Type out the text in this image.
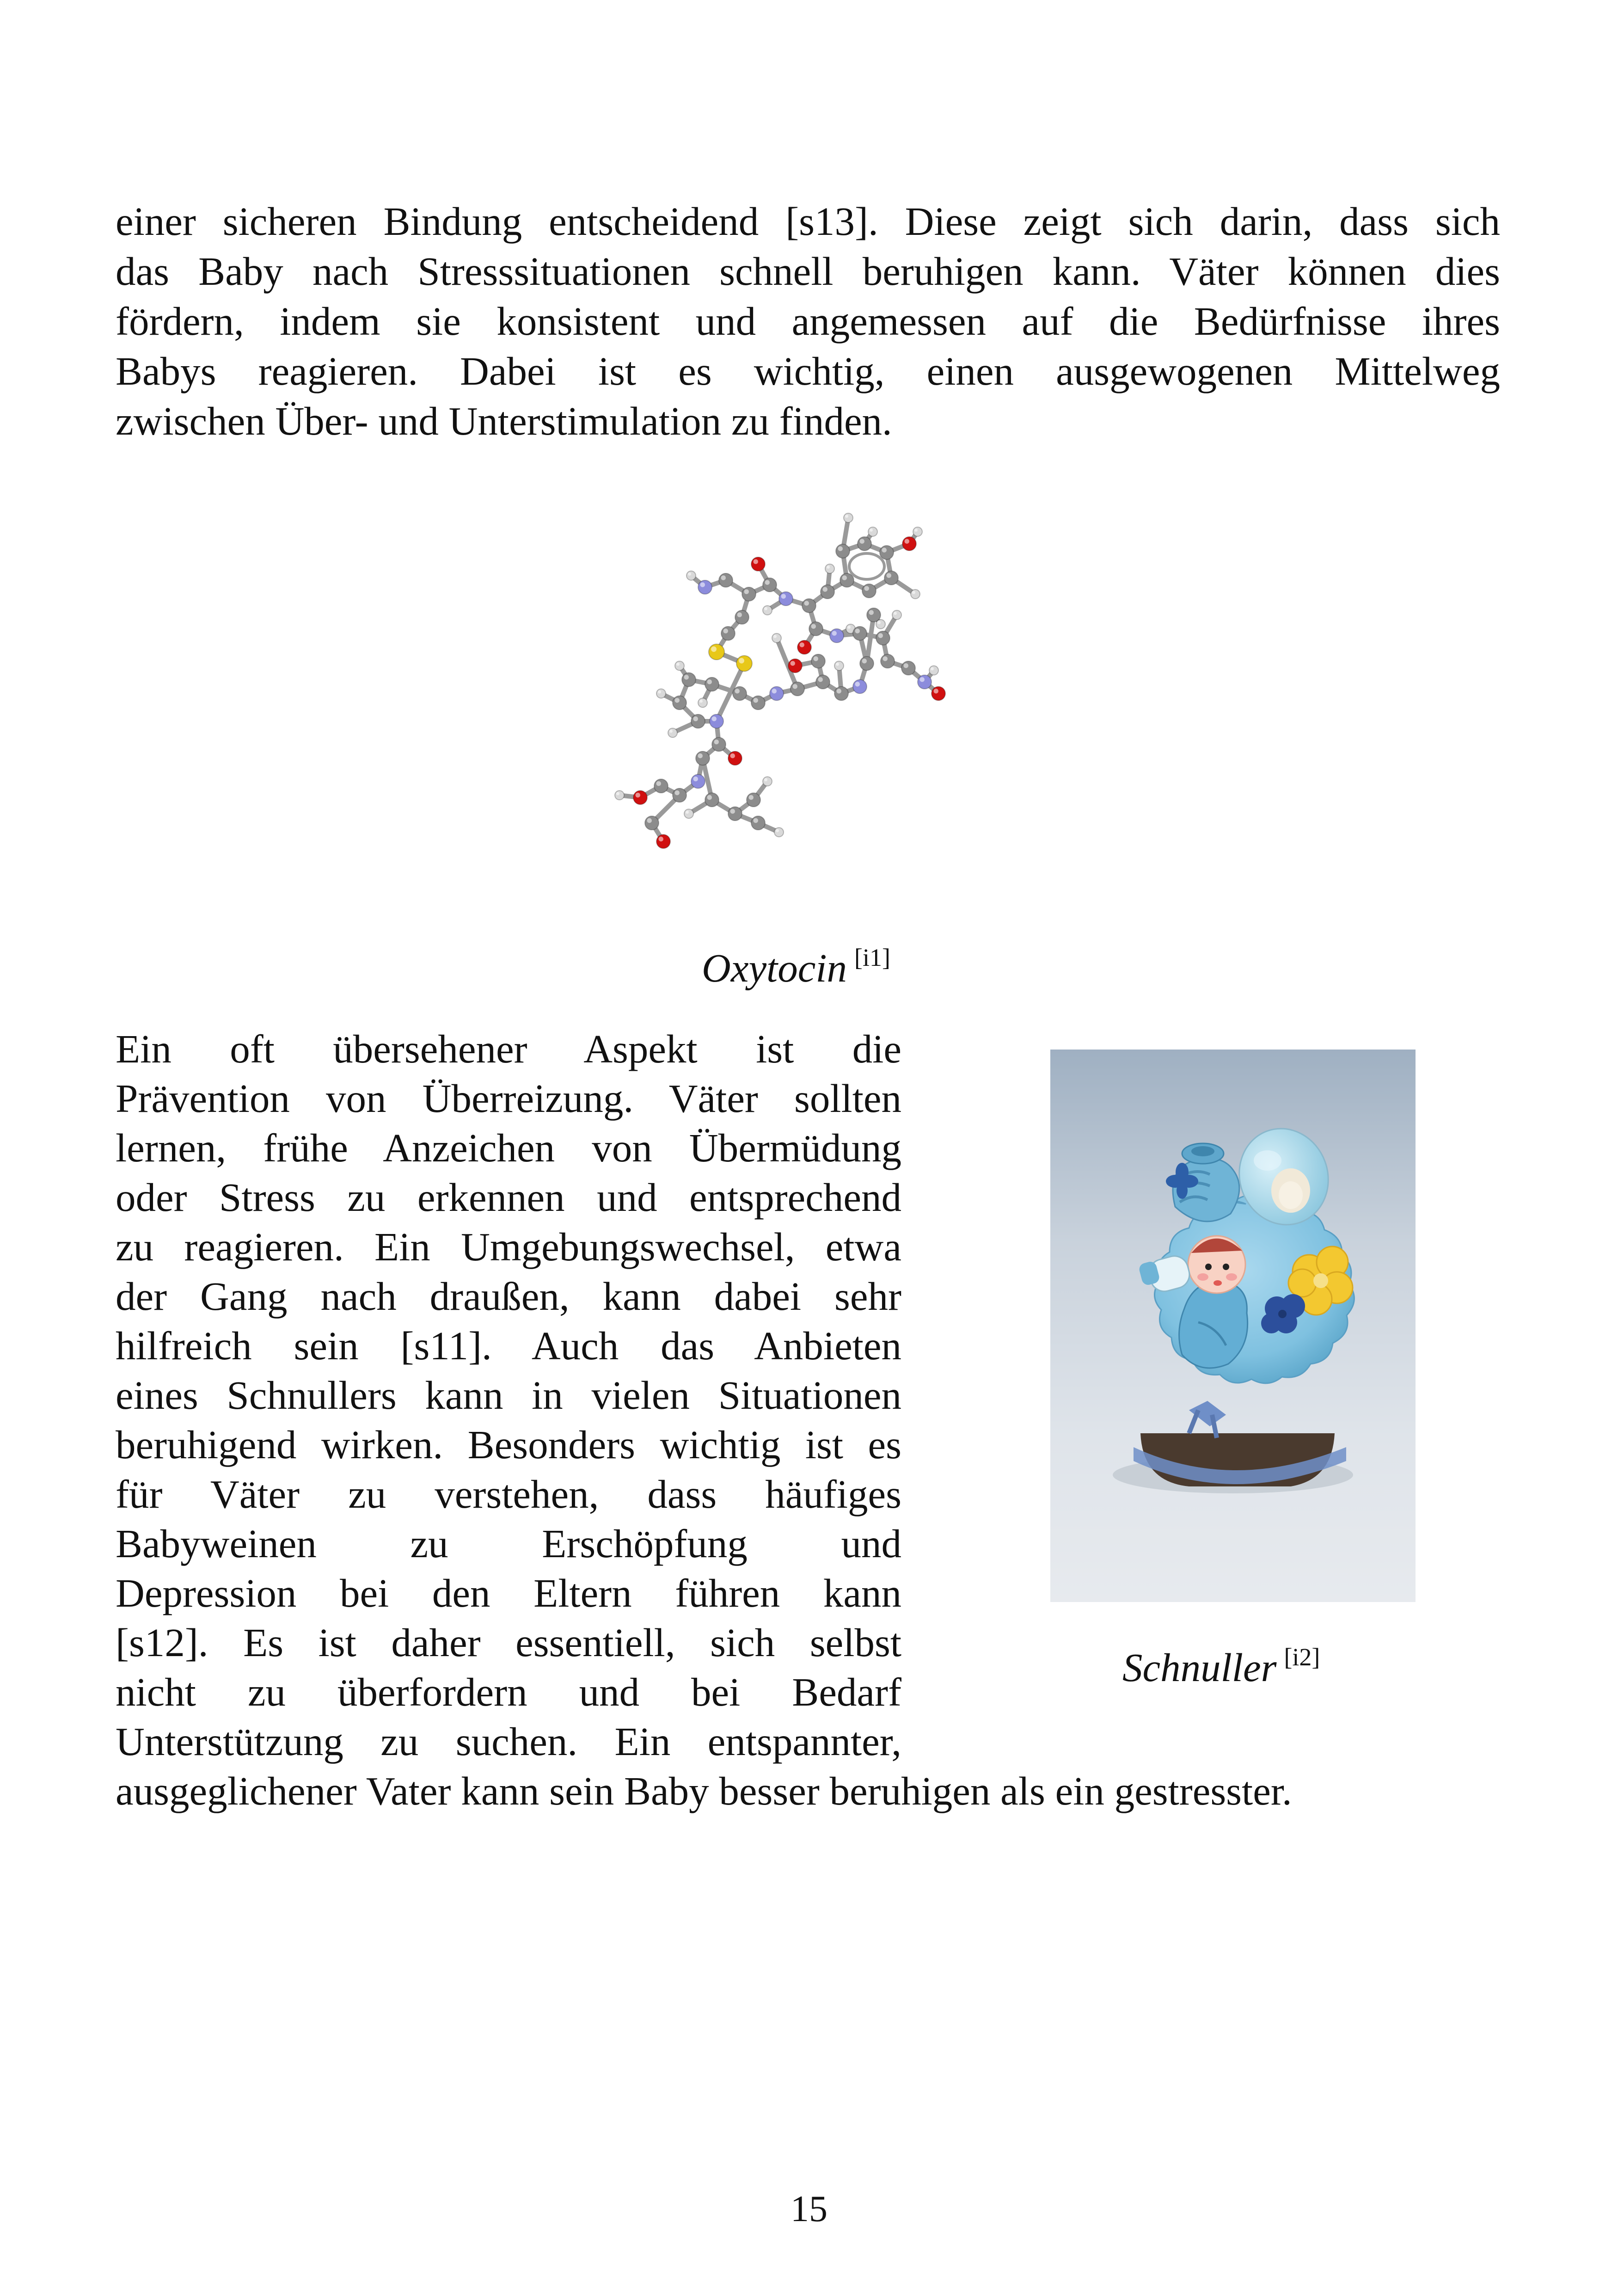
einer sicheren Bindung entscheidend [s13]. Diese zeigt sich darin, dass sich
das Baby nach Stresssituationen schnell beruhigen kann. Väter können dies
fördern, indem sie konsistent und angemessen auf die Bedürfnisse ihres
Babys reagieren. Dabei ist es wichtig, einen ausgewogenen Mittelweg
zwischen Über- und Unterstimulation zu finden.

Oxytocin [i1]

Ein oft übersehener Aspekt ist die
Prävention von Überreizung. Väter sollten
lernen, frühe Anzeichen von Übermüdung
oder Stress zu erkennen und entsprechend
zu reagieren. Ein Umgebungswechsel, etwa
der Gang nach draußen, kann dabei sehr
hilfreich sein [s11]. Auch das Anbieten
eines Schnullers kann in vielen Situationen
beruhigend wirken. Besonders wichtig ist es
für Väter zu verstehen, dass häufiges
Babyweinen zu Erschöpfung und
Depression bei den Eltern führen kann
[s12]. Es ist daher essentiell, sich selbst
nicht zu überfordern und bei Bedarf
Unterstützung zu suchen. Ein entspannter,

ausgeglichener Vater kann sein Baby besser beruhigen als ein gestresster.
Schnuller [i2]
15
